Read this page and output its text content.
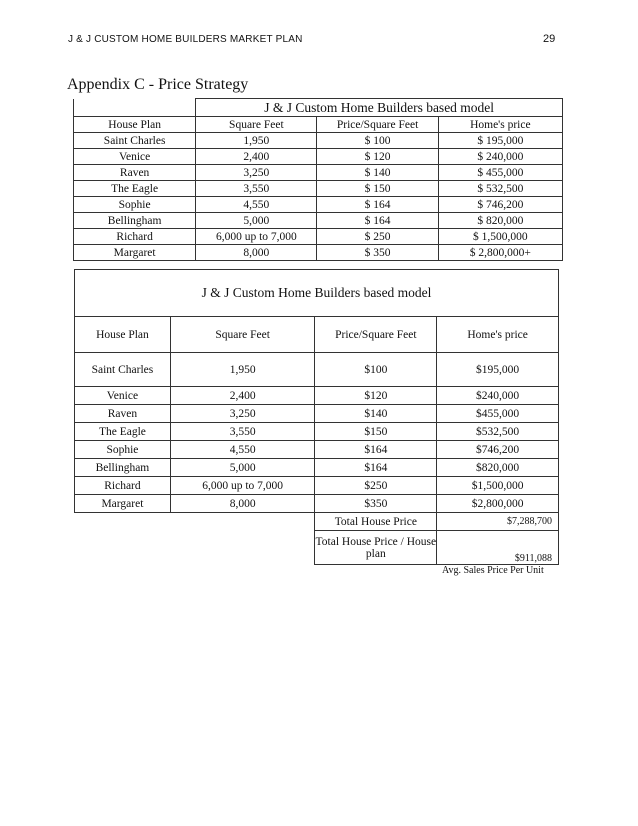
J & J CUSTOM HOME BUILDERS MARKET PLAN	29
Appendix C - Price Strategy
	J & J Custom Home Builders based model		
House Plan	Square Feet	Price/Square Feet	Home's price
Saint Charles	1,950	$ 100	$ 195,000
Venice	2,400	$ 120	$ 240,000
Raven	3,250	$ 140	$ 455,000
The Eagle	3,550	$ 150	$ 532,500
Sophie	4,550	$ 164	$ 746,200
Bellingham	5,000	$ 164	$ 820,000
Richard	6,000 up to 7,000	$ 250	$ 1,500,000
Margaret	8,000	$ 350	$ 2,800,000+
J & J Custom Home Builders based model			
House Plan	Square Feet	Price/Square Feet	Home's price
Saint Charles	1,950	$100	$195,000
Venice	2,400	$120	$240,000
Raven	3,250	$140	$455,000
The Eagle	3,550	$150	$532,500
Sophie	4,550	$164	$746,200
Bellingham	5,000	$164	$820,000
Richard	6,000 up to 7,000	$250	$1,500,000
Margaret	8,000	$350	$2,800,000
		Total House Price	$7,288,700
		Total House Price / House plan	$911,088
Avg. Sales Price Per Unit
